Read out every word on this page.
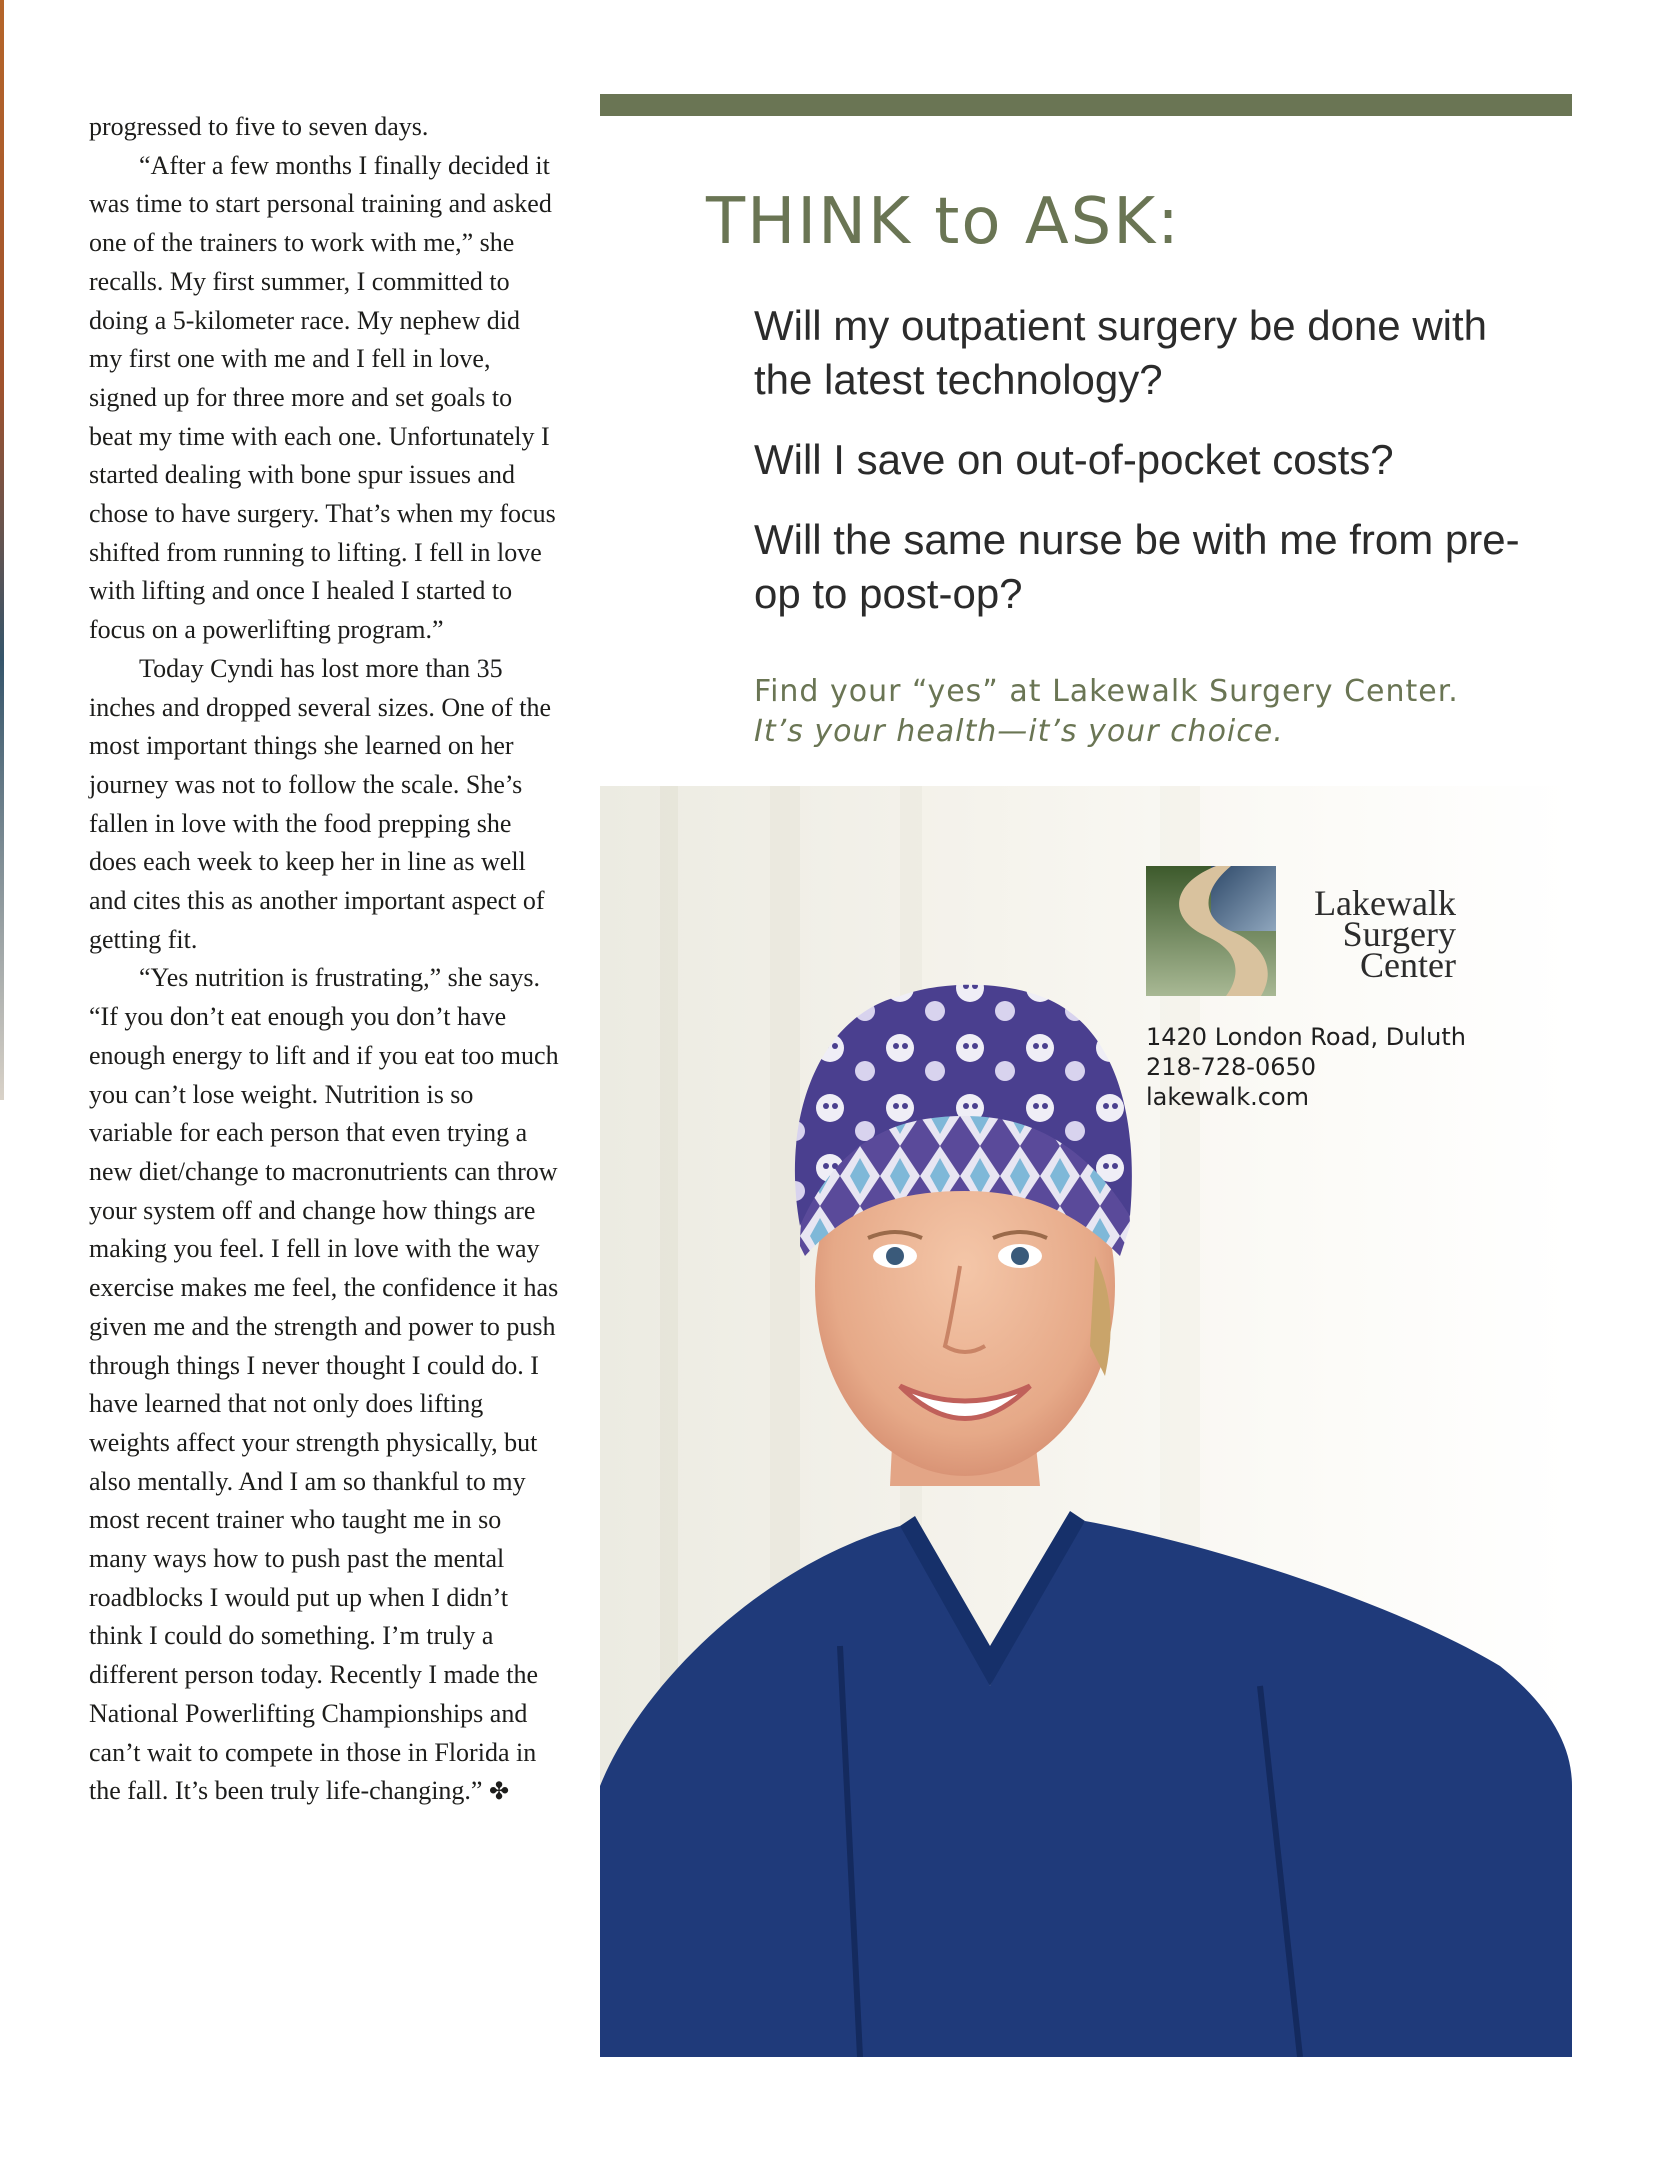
progressed to five to seven days.

“After a few months I finally decided it was time to start personal training and asked one of the trainers to work with me,” she recalls. My first summer, I committed to doing a 5-kilometer race. My nephew did my first one with me and I fell in love, signed up for three more and set goals to beat my time with each one. Unfortunately I started dealing with bone spur issues and chose to have surgery. That’s when my focus shifted from running to lifting. I fell in love with lifting and once I healed I started to focus on a powerlifting program.”

Today Cyndi has lost more than 35 inches and dropped several sizes. One of the most important things she learned on her journey was not to follow the scale. She’s fallen in love with the food prepping she does each week to keep her in line as well and cites this as another important aspect of getting fit.

“Yes nutrition is frustrating,” she says. “If you don’t eat enough you don’t have enough energy to lift and if you eat too much you can’t lose weight. Nutrition is so variable for each person that even trying a new diet/change to macronutrients can throw your system off and change how things are making you feel. I fell in love with the way exercise makes me feel, the confidence it has given me and the strength and power to push through things I never thought I could do. I have learned that not only does lifting weights affect your strength physically, but also mentally. And I am so thankful to my most recent trainer who taught me in so many ways how to push past the mental roadblocks I would put up when I didn’t think I could do something. I’m truly a different person today. Recently I made the National Powerlifting Championships and can’t wait to compete in those in Florida in the fall. It’s been truly life-changing.” ✤

THINK to ASK:

Will my outpatient surgery be done with the latest technology?

Will I save on out-of-pocket costs?

Will the same nurse be with me from pre-op to post-op?

Find your “yes” at Lakewalk Surgery Center.
It’s your health—it’s your choice.
Lakewalk
Surgery
Center
1420 London Road, Duluth
218-728-0650
lakewalk.com
